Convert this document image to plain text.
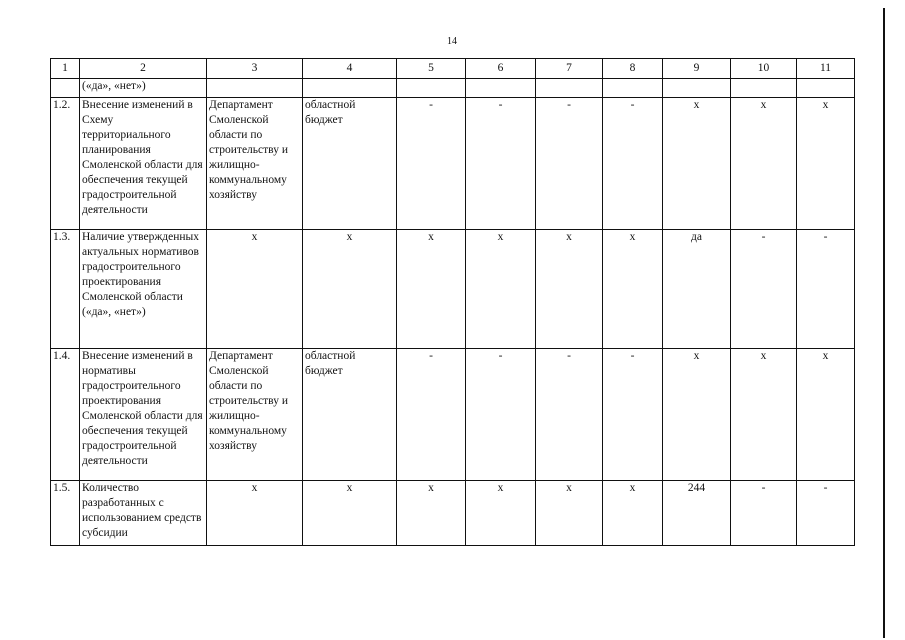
14
1	2	3	4	5	6	7	8	9	10	11
	(«да», «нет»)									
1.2.	Внесение изменений в Схему территориального планирования Смоленской области для обеспечения текущей градостроительной деятельности	Департамент Смоленской области по строительству и жилищно-коммунальному хозяйству	областной бюджет	-	-	-	-	х	х	х
1.3.	Наличие утвержденных актуальных нормативов градостроительного проектирования Смоленской области («да», «нет»)	х	х	х	х	х	х	да	-	-
1.4.	Внесение изменений в нормативы градостроительного проектирования Смоленской области для обеспечения текущей градостроительной деятельности	Департамент Смоленской области по строительству и жилищно-коммунальному хозяйству	областной бюджет	-	-	-	-	х	х	х
1.5.	Количество разработанных с использованием средств субсидии	х	х	х	х	х	х	244	-	-
